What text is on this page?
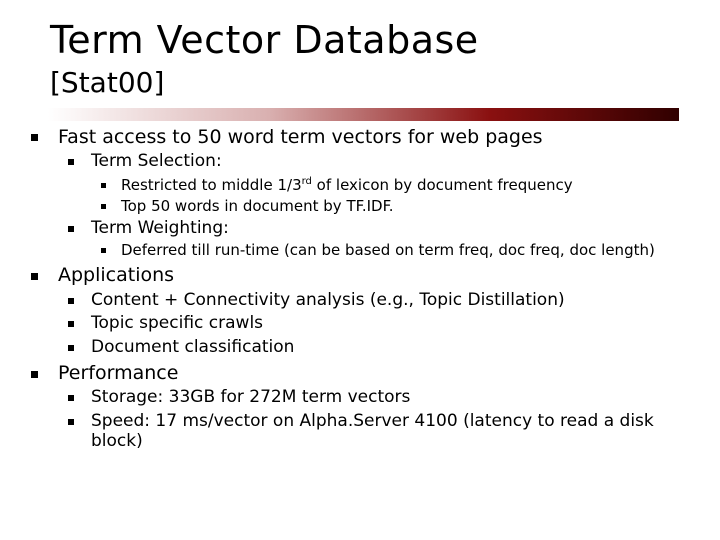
Term Vector Database
[Stat00]
Fast access to 50 word term vectors for web pages
Term Selection:
Restricted to middle 1/3rd of lexicon by document frequency
Top 50 words in document by TF.IDF.
Term Weighting:
Deferred till run-time (can be based on term freq, doc freq, doc length)
Applications
Content + Connectivity analysis (e.g., Topic Distillation)
Topic specific crawls
Document classification
Performance
Storage: 33GB for 272M term vectors
Speed: 17 ms/vector on Alpha.Server 4100 (latency to read a disk
block)
